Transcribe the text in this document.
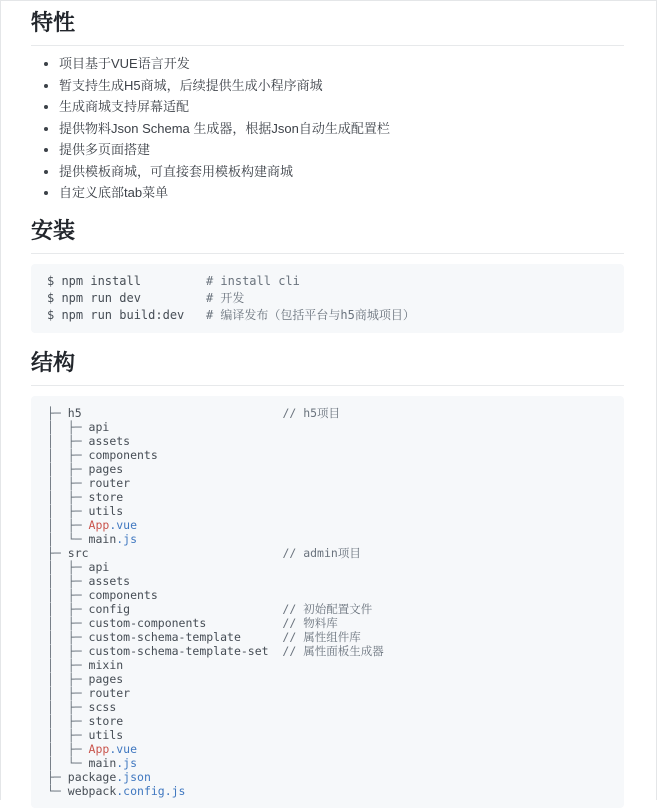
特性
• 项目基于VUE语言开发
• 暂支持生成H5商城，后续提供生成小程序商城
• 生成商城支持屏幕适配
• 提供物料Json Schema 生成器，根据Json自动生成配置栏
• 提供多页面搭建
• 提供模板商城，可直接套用模板构建商城
• 自定义底部tab菜单
安装
$ npm install         # install cli
$ npm run dev         # 开发
$ npm run build:dev   # 编译发布（包括平台与h5商城项目）
结构
├─ h5	// h5项目
│  ├─ api
│  ├─ assets
│  ├─ components
│  ├─ pages
│  ├─ router
│  ├─ store
│  ├─ utils
│  ├─ App.vue
│  └─ main.js
├─ src	// admin项目
│  ├─ api
│  ├─ assets
│  ├─ components
│  ├─ config	// 初始配置文件
│  ├─ custom-components	// 物料库
│  ├─ custom-schema-template	// 属性组件库
│  ├─ custom-schema-template-set // 属性面板生成器
│  ├─ mixin
│  ├─ pages
│  ├─ router
│  ├─ scss
│  ├─ store
│  ├─ utils
│  ├─ App.vue
│  └─ main.js
├─ package.json
└─ webpack.config.js
